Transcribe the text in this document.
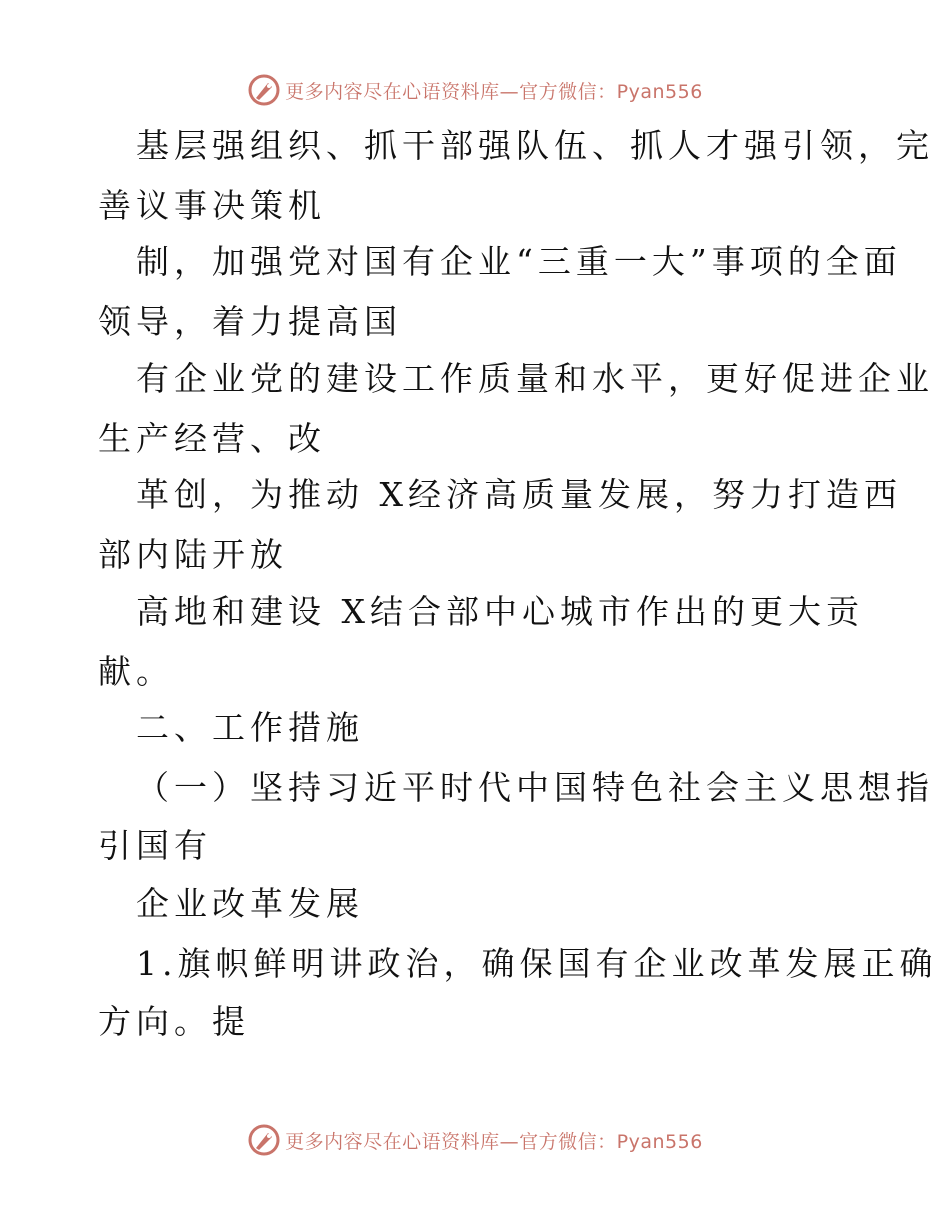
更多内容尽在心语资料库—官方微信：Pyan556
基层强组织、抓干部强队伍、抓人才强引领，完
善议事决策机
制，加强党对国有企业“三重一大”事项的全面
领导，着力提高国
有企业党的建设工作质量和水平，更好促进企业
生产经营、改
革创，为推动 X经济高质量发展，努力打造西
部内陆开放
高地和建设 X结合部中心城市作出的更大贡
献。
二、工作措施
（一）坚持习近平时代中国特色社会主义思想指
引国有
企业改革发展
1.旗帜鲜明讲政治，确保国有企业改革发展正确
方向。提
更多内容尽在心语资料库—官方微信：Pyan556
